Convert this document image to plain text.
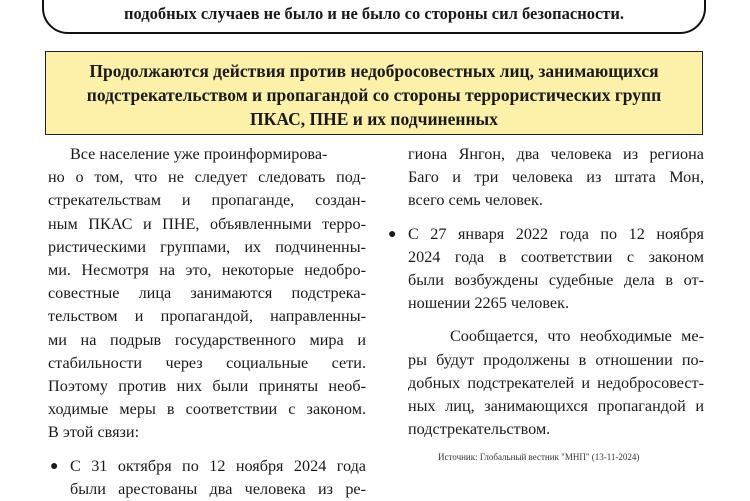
подобных случаев не было и не было со стороны сил безопасности.
Продолжаются действия против недобросовестных лиц, занимающихся
подстрекательством и пропагандой со стороны террористических групп
ПКАС, ПНЕ и их подчиненных
Все население уже проинформирова-
но о том, что не следует следовать под-
стрекательствам и пропаганде, создан-
ным ПКАС и ПНЕ, объявленными терро-
ристическими группами, их подчиненны-
ми. Несмотря на это, некоторые недобро-
совестные лица занимаются подстрека-
тельством и пропагандой, направленны-
ми на подрыв государственного мира и
стабильности через социальные сети.
Поэтому против них были приняты необ-
ходимые меры в соответствии с законом.
В этой связи:
● С 31 октября по 12 ноября 2024 года
были арестованы два человека из ре-
гиона Янгон, два человека из региона
Баго и три человека из штата Мон,
всего семь человек.
● С 27 января 2022 года по 12 ноября
2024 года в соответствии с законом
были возбуждены судебные дела в от-
ношении 2265 человек.
Сообщается, что необходимые ме-
ры будут продолжены в отношении по-
добных подстрекателей и недобросовест-
ных лиц, занимающихся пропагандой и
подстрекательством.
Источник: Глобальный вестник "МНП" (13-11-2024)
